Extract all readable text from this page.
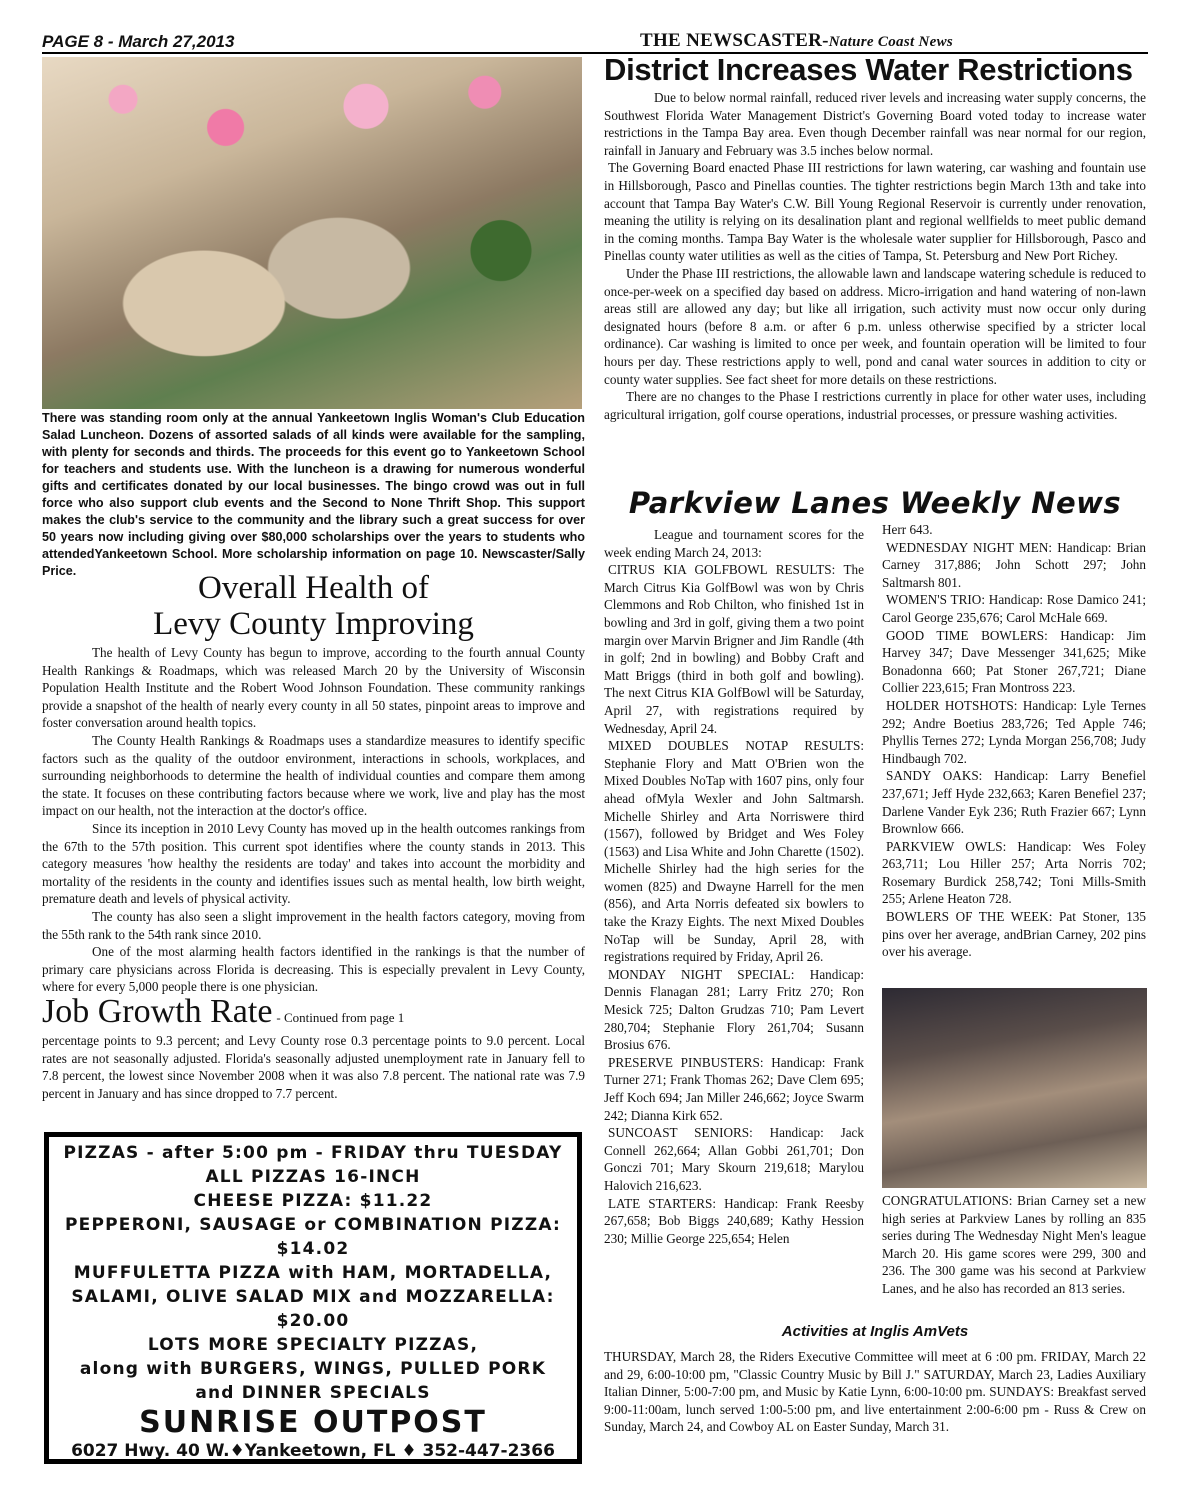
PAGE 8 - March 27,2013	THE NEWSCASTER-Nature Coast News
There was standing room only at the annual Yankeetown Inglis Woman's Club Education Salad Luncheon. Dozens of assorted salads of all kinds were available for the sampling, with plenty for seconds and thirds. The proceeds for this event go to Yankeetown School for teachers and students use. With the luncheon is a drawing for numerous wonderful gifts and certificates donated by our local businesses. The bingo crowd was out in full force who also support club events and the Second to None Thrift Shop. This support makes the club's service to the community and the library such a great success for over 50 years now including giving over $80,000 scholarships over the years to students who attendedYankeetown School. More scholarship information on page 10. Newscaster/Sally Price.	Overall Health of
Levy County Improving

The health of Levy County has begun to improve, according to the fourth annual County Health Rankings & Roadmaps, which was released March 20 by the University of Wisconsin Population Health Institute and the Robert Wood Johnson Foundation. These community rankings provide a snapshot of the health of nearly every county in all 50 states, pinpoint areas to improve and foster conversation around health topics.

The County Health Rankings & Roadmaps uses a standardize measures to identify specific factors such as the quality of the outdoor environment, interactions in schools, workplaces, and surrounding neighborhoods to determine the health of individual counties and compare them among the state. It focuses on these contributing factors because where we work, live and play has the most impact on our health, not the interaction at the doctor's office.

Since its inception in 2010 Levy County has moved up in the health outcomes rankings from the 67th to the 57th position. This current spot identifies where the county stands in 2013. This category measures 'how healthy the residents are today' and takes into account the morbidity and mortality of the residents in the county and identifies issues such as mental health, low birth weight, premature death and levels of physical activity.

The county has also seen a slight improvement in the health factors category, moving from the 55th rank to the 54th rank since 2010.

One of the most alarming health factors identified in the rankings is that the number of primary care physicians across Florida is decreasing. This is especially prevalent in Levy County, where for every 5,000 people there is one physician.

Job Growth Rate - Continued from page 1
percentage points to 9.3 percent; and Levy County rose 0.3 percentage points to 9.0 percent. Local rates are not seasonally adjusted. Florida's seasonally adjusted unemployment rate in January fell to 7.8 percent, the lowest since November 2008 when it was also 7.8 percent. The national rate was 7.9 percent in January and has since dropped to 7.7 percent.
PIZZAS - after 5:00 pm - FRIDAY thru TUESDAY
ALL PIZZAS 16-INCH
CHEESE PIZZA: $11.22
PEPPERONI, SAUSAGE or COMBINATION PIZZA:
$14.02
MUFFULETTA PIZZA with HAM, MORTADELLA,
SALAMI, OLIVE SALAD MIX and MOZZARELLA:
$20.00
LOTS MORE SPECIALTY PIZZAS,
along with BURGERS, WINGS, PULLED PORK
and DINNER SPECIALS
SUNRISE OUTPOST
6027 Hwy. 40 W.♦Yankeetown, FL ♦ 352-447-2366
District Increases Water Restrictions

Due to below normal rainfall, reduced river levels and increasing water supply concerns, the Southwest Florida Water Management District's Governing Board voted today to increase water restrictions in the Tampa Bay area. Even though December rainfall was near normal for our region, rainfall in January and February was 3.5 inches below normal.

The Governing Board enacted Phase III restrictions for lawn watering, car washing and fountain use in Hillsborough, Pasco and Pinellas counties. The tighter restrictions begin March 13th and take into account that Tampa Bay Water's C.W. Bill Young Regional Reservoir is currently under renovation, meaning the utility is relying on its desalination plant and regional wellfields to meet public demand in the coming months. Tampa Bay Water is the wholesale water supplier for Hillsborough, Pasco and Pinellas county water utilities as well as the cities of Tampa, St. Petersburg and New Port Richey.

Under the Phase III restrictions, the allowable lawn and landscape watering schedule is reduced to once-per-week on a specified day based on address. Micro-irrigation and hand watering of non-lawn areas still are allowed any day; but like all irrigation, such activity must now occur only during designated hours (before 8 a.m. or after 6 p.m. unless otherwise specified by a stricter local ordinance). Car washing is limited to once per week, and fountain operation will be limited to four hours per day. These restrictions apply to well, pond and canal water sources in addition to city or county water supplies. See fact sheet for more details on these restrictions.

There are no changes to the Phase I restrictions currently in place for other water uses, including agricultural irrigation, golf course operations, industrial processes, or pressure washing activities.

Parkview Lanes Weekly News

League and tournament scores for the week ending March 24, 2013:

CITRUS KIA GOLFBOWL RESULTS: The March Citrus Kia GolfBowl was won by Chris Clemmons and Rob Chilton, who finished 1st in bowling and 3rd in golf, giving them a two point margin over Marvin Brigner and Jim Randle (4th in golf; 2nd in bowling) and Bobby Craft and Matt Briggs (third in both golf and bowling). The next Citrus KIA GolfBowl will be Saturday, April 27, with registrations required by Wednesday, April 24.

MIXED DOUBLES NOTAP RESULTS: Stephanie Flory and Matt O'Brien won the Mixed Doubles NoTap with 1607 pins, only four ahead ofMyla Wexler and John Saltmarsh. Michelle Shirley and Arta Norriswere third (1567), followed by Bridget and Wes Foley (1563) and Lisa White and John Charette (1502). Michelle Shirley had the high series for the women (825) and Dwayne Harrell for the men (856), and Arta Norris defeated six bowlers to take the Krazy Eights. The next Mixed Doubles NoTap will be Sunday, April 28, with registrations required by Friday, April 26.

MONDAY NIGHT SPECIAL: Handicap: Dennis Flanagan 281; Larry Fritz 270; Ron Mesick 725; Dalton Grudzas 710; Pam Levert 280,704; Stephanie Flory 261,704; Susann Brosius 676.

PRESERVE PINBUSTERS: Handicap: Frank Turner 271; Frank Thomas 262; Dave Clem 695; Jeff Koch 694; Jan Miller 246,662; Joyce Swarm 242; Dianna Kirk 652.

SUNCOAST SENIORS: Handicap: Jack Connell 262,664; Allan Gobbi 261,701; Don Gonczi 701; Mary Skourn 219,618; Marylou Halovich 216,623.

LATE STARTERS: Handicap: Frank Reesby 267,658; Bob Biggs 240,689; Kathy Hession 230; Millie George 225,654; Helen

Herr 643.

WEDNESDAY NIGHT MEN: Handicap: Brian Carney 317,886; John Schott 297; John Saltmarsh 801.

WOMEN'S TRIO: Handicap: Rose Damico 241; Carol George 235,676; Carol McHale 669.

GOOD TIME BOWLERS: Handicap: Jim Harvey 347; Dave Messenger 341,625; Mike Bonadonna 660; Pat Stoner 267,721; Diane Collier 223,615; Fran Montross 223.

HOLDER HOTSHOTS: Handicap: Lyle Ternes 292; Andre Boetius 283,726; Ted Apple 746; Phyllis Ternes 272; Lynda Morgan 256,708; Judy Hindbaugh 702.

SANDY OAKS: Handicap: Larry Benefiel 237,671; Jeff Hyde 232,663; Karen Benefiel 237; Darlene Vander Eyk 236; Ruth Frazier 667; Lynn Brownlow 666.

PARKVIEW OWLS: Handicap: Wes Foley 263,711; Lou Hiller 257; Arta Norris 702; Rosemary Burdick 258,742; Toni Mills-Smith 255; Arlene Heaton 728.

BOWLERS OF THE WEEK: Pat Stoner, 135 pins over her average, andBrian Carney, 202 pins over his average.

CONGRATULATIONS: Brian Carney set a new high series at Parkview Lanes by rolling an 835 series during The Wednesday Night Men's league March 20. His game scores were 299, 300 and 236. The 300 game was his second at Parkview Lanes, and he also has recorded an 813 series.
Activities at Inglis AmVets
THURSDAY, March 28, the Riders Executive Committee will meet at 6 :00 pm. FRIDAY, March 22 and 29, 6:00-10:00 pm, "Classic Country Music by Bill J." SATURDAY, March 23, Ladies Auxiliary Italian Dinner, 5:00-7:00 pm, and Music by Katie Lynn, 6:00-10:00 pm. SUNDAYS: Breakfast served 9:00-11:00am, lunch served 1:00-5:00 pm, and live entertainment 2:00-6:00 pm - Russ & Crew on Sunday, March 24, and Cowboy AL on Easter Sunday, March 31.
